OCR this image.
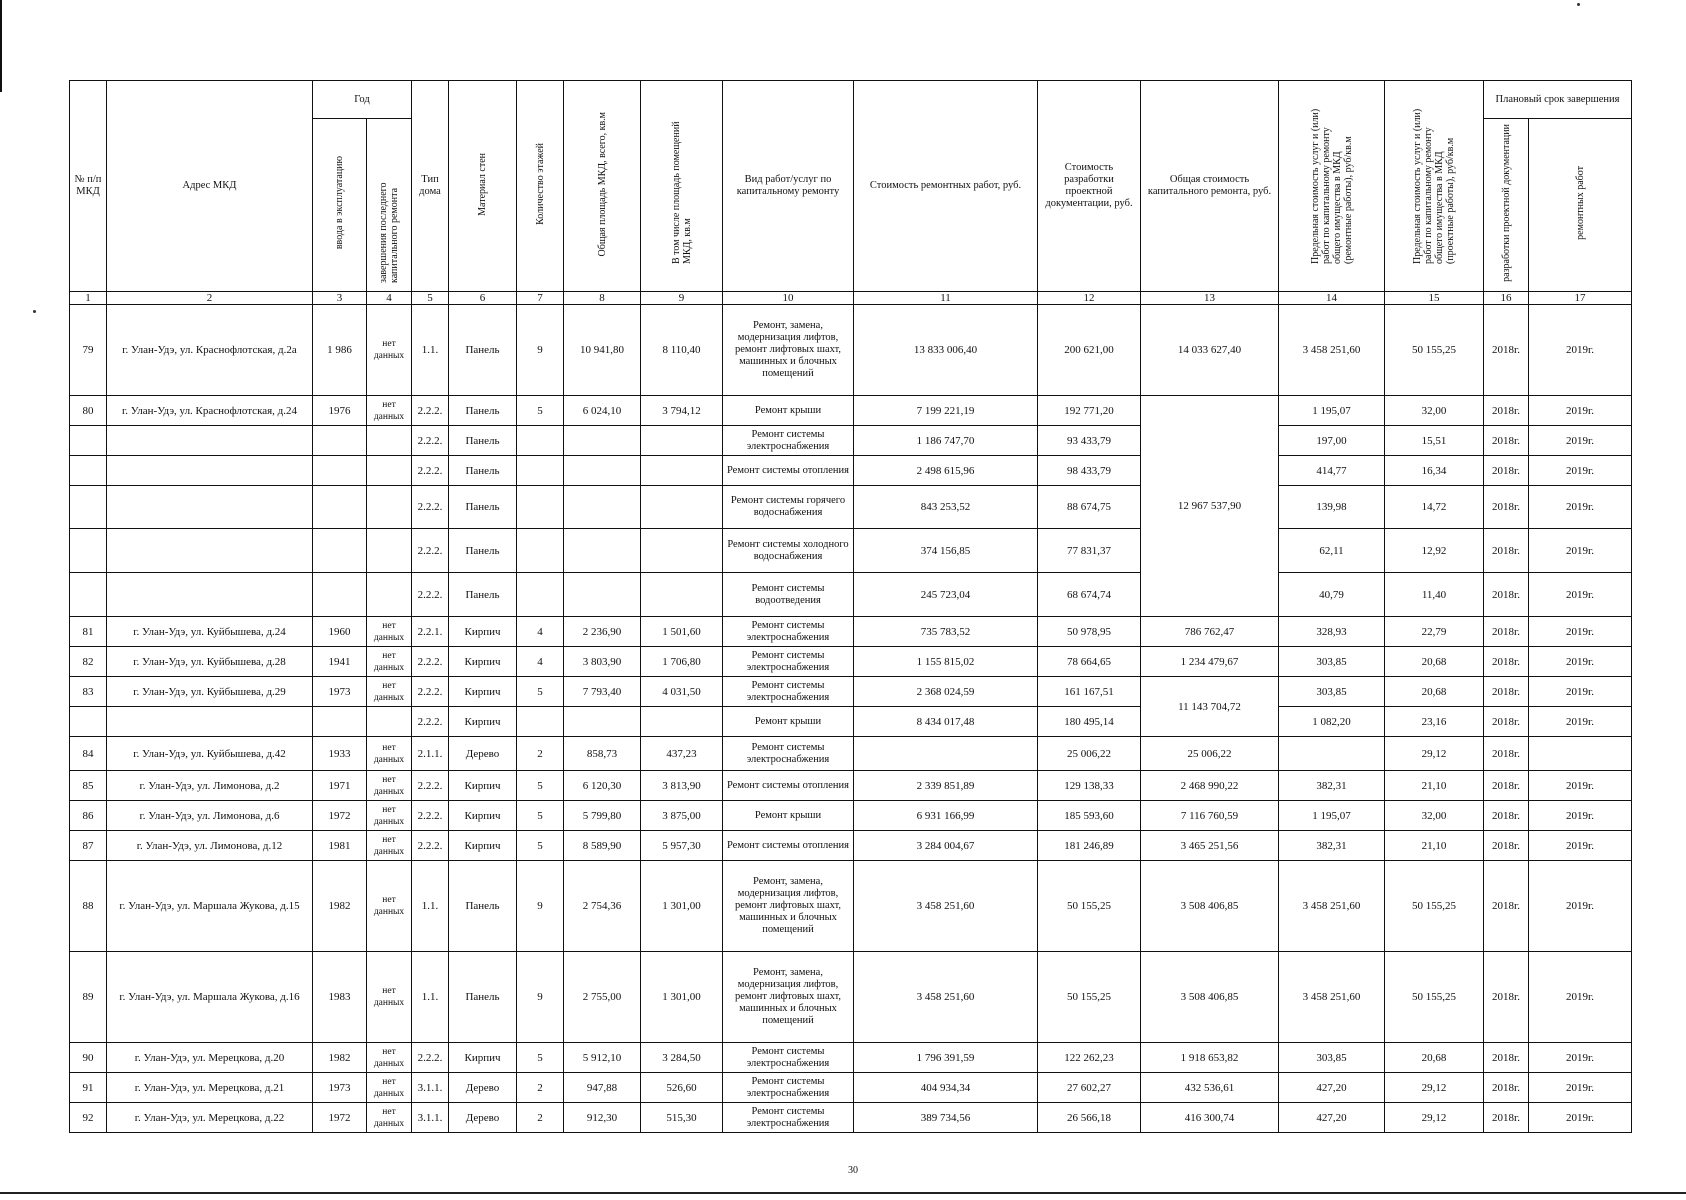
№ п/п МКД	Адрес МКД	Год		Тип дома	Материал стен	Количество этажей	Общая площадь МКД, всего, кв.м	В том числе площадь помещений МКД, кв.м	Вид работ/услуг по капитальному ремонту	Стоимость ремонтных работ, руб.	Стоимость разработки проектной документации, руб.	Общая стоимость капитального ремонта, руб.	Предельная стоимость услуг и (или) работ по капитальному ремонту общего имущества в МКД (ремонтные работы), руб/кв.м	Предельная стоимость услуг и (или) работ по капитальному ремонту общего имущества в МКД (проектные работы), руб/кв.м	Плановый срок завершения	
		ввода в эксплуатацию	завершения последнего капитального ремонта												разработки проектной документации	ремонтных работ
1	2	3	4	5	6	7	8	9	10	11	12	13	14	15	16	17
79	г. Улан-Удэ, ул. Краснофлотская, д.2а	1 986	нет данных	1.1.	Панель	9	10 941,80	8 110,40	Ремонт, замена, модернизация лифтов, ремонт лифтовых шахт, машинных и блочных помещений	13 833 006,40	200 621,00	14 033 627,40	3 458 251,60	50 155,25	2018г.	2019г.
80	г. Улан-Удэ, ул. Краснофлотская, д.24	1976	нет данных	2.2.2.	Панель	5	6 024,10	3 794,12	Ремонт крыши	7 199 221,19	192 771,20	12 967 537,90	1 195,07	32,00	2018г.	2019г.
				2.2.2.	Панель				Ремонт системы электроснабжения	1 186 747,70	93 433,79		197,00	15,51	2018г.	2019г.
				2.2.2.	Панель				Ремонт системы отопления	2 498 615,96	98 433,79		414,77	16,34	2018г.	2019г.
				2.2.2.	Панель				Ремонт системы горячего водоснабжения	843 253,52	88 674,75		139,98	14,72	2018г.	2019г.
				2.2.2.	Панель				Ремонт системы холодного водоснабжения	374 156,85	77 831,37		62,11	12,92	2018г.	2019г.
				2.2.2.	Панель				Ремонт системы водоотведения	245 723,04	68 674,74		40,79	11,40	2018г.	2019г.
81	г. Улан-Удэ, ул. Куйбышева, д.24	1960	нет данных	2.2.1.	Кирпич	4	2 236,90	1 501,60	Ремонт системы электроснабжения	735 783,52	50 978,95	786 762,47	328,93	22,79	2018г.	2019г.
82	г. Улан-Удэ, ул. Куйбышева, д.28	1941	нет данных	2.2.2.	Кирпич	4	3 803,90	1 706,80	Ремонт системы электроснабжения	1 155 815,02	78 664,65	1 234 479,67	303,85	20,68	2018г.	2019г.
83	г. Улан-Удэ, ул. Куйбышева, д.29	1973	нет данных	2.2.2.	Кирпич	5	7 793,40	4 031,50	Ремонт системы электроснабжения	2 368 024,59	161 167,51	11 143 704,72	303,85	20,68	2018г.	2019г.
				2.2.2.	Кирпич				Ремонт крыши	8 434 017,48	180 495,14		1 082,20	23,16	2018г.	2019г.
84	г. Улан-Удэ, ул. Куйбышева, д.42	1933	нет данных	2.1.1.	Дерево	2	858,73	437,23	Ремонт системы электроснабжения		25 006,22	25 006,22		29,12	2018г.	
85	г. Улан-Удэ, ул. Лимонова, д.2	1971	нет данных	2.2.2.	Кирпич	5	6 120,30	3 813,90	Ремонт системы отопления	2 339 851,89	129 138,33	2 468 990,22	382,31	21,10	2018г.	2019г.
86	г. Улан-Удэ, ул. Лимонова, д.6	1972	нет данных	2.2.2.	Кирпич	5	5 799,80	3 875,00	Ремонт крыши	6 931 166,99	185 593,60	7 116 760,59	1 195,07	32,00	2018г.	2019г.
87	г. Улан-Удэ, ул. Лимонова, д.12	1981	нет данных	2.2.2.	Кирпич	5	8 589,90	5 957,30	Ремонт системы отопления	3 284 004,67	181 246,89	3 465 251,56	382,31	21,10	2018г.	2019г.
88	г. Улан-Удэ, ул. Маршала Жукова, д.15	1982	нет данных	1.1.	Панель	9	2 754,36	1 301,00	Ремонт, замена, модернизация лифтов, ремонт лифтовых шахт, машинных и блочных помещений	3 458 251,60	50 155,25	3 508 406,85	3 458 251,60	50 155,25	2018г.	2019г.
89	г. Улан-Удэ, ул. Маршала Жукова, д.16	1983	нет данных	1.1.	Панель	9	2 755,00	1 301,00	Ремонт, замена, модернизация лифтов, ремонт лифтовых шахт, машинных и блочных помещений	3 458 251,60	50 155,25	3 508 406,85	3 458 251,60	50 155,25	2018г.	2019г.
90	г. Улан-Удэ, ул. Мерецкова, д.20	1982	нет данных	2.2.2.	Кирпич	5	5 912,10	3 284,50	Ремонт системы электроснабжения	1 796 391,59	122 262,23	1 918 653,82	303,85	20,68	2018г.	2019г.
91	г. Улан-Удэ, ул. Мерецкова, д.21	1973	нет данных	3.1.1.	Дерево	2	947,88	526,60	Ремонт системы электроснабжения	404 934,34	27 602,27	432 536,61	427,20	29,12	2018г.	2019г.
92	г. Улан-Удэ, ул. Мерецкова, д.22	1972	нет данных	3.1.1.	Дерево	2	912,30	515,30	Ремонт системы электроснабжения	389 734,56	26 566,18	416 300,74	427,20	29,12	2018г.	2019г.
30
